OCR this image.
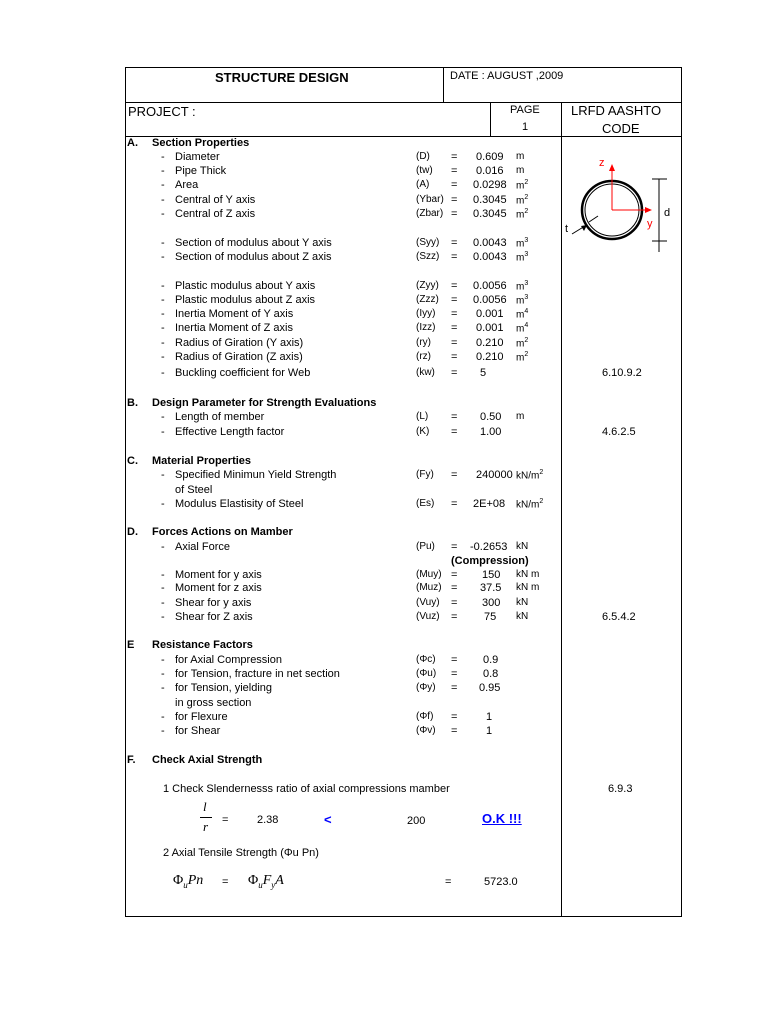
STRUCTURE DESIGN	DATE : AUGUST ,2009
PROJECT :	PAGE
1
LRFD AASHTO
CODE
z
y
d
t
A. Section Properties
B. Design Parameter for Strength Evaluations
C. Material Properties
D. Forces Actions on Mamber
E Resistance Factors
F. Check Axial Strength
- Diameter	(D) = 0.609 m
- Pipe Thick	(tw) = 0.016 m
- Area	(A) = 0.0298 $m^2$
- Central of Y axis	(Ybar) = 0.3045 $m^2$
- Central of Z axis	(Zbar) = 0.3045 $m^2$
- Section of modulus about Y axis	(Syy) = 0.0043 $m^3$
- Section of modulus about Z axis	(Szz) = 0.0043 $m^3$
- Plastic modulus about Y axis	(Zyy) = 0.0056 $m^3$
- Plastic modulus about Z axis	(Zzz) = 0.0056 $m^3$
- Inertia Moment of Y axis	(Iyy) = 0.001 $m^4$
- Inertia Moment of Z axis	(Izz) = 0.001 $m^4$
- Radius of Giration (Y axis)	(ry) = 0.210 $m^2$
- Radius of Giration (Z axis)	(rz) = 0.210 $m^2$
- Buckling coefficient for Web	(kw) = 5	6.10.9.2
- Length of member	(L) = 0.50 m
- Effective Length factor	(K) = 1.00	4.6.2.5
- Specified Minimun Yield Strength	(Fy) = 240000 $kN/m^2$
of Steel
- Modulus Elastisity of Steel	(Es) = 2E+08 $kN/m^2$
- Axial Force	(Pu) = -0.2653 kN
(Compression)
- Moment for y axis	(Muy) = 150 kN m
- Moment for z axis	(Muz) = 37.5 kN m
- Shear for y axis	(Vuy) = 300 kN
- Shear for Z axis	(Vuz) = 75 kN	6.5.4.2
- for Axial Compression	(Φc) = 0.9
- for Tension, fracture in net section	(Φu) = 0.8
- for Tension, yielding	(Φy) = 0.95
in gross section
- for Flexure	(Φf) =	1
- for Shear	(Φv) =	1
1 Check Slendernesss ratio of axial compressions mamber	6.9.3
l
r =	2.38	<	200	O.K !!!
2 Axial Tensile Strength (Φu Pn)
$\Phi_uPn = \Phi_uF_yA$	=	5723.0
